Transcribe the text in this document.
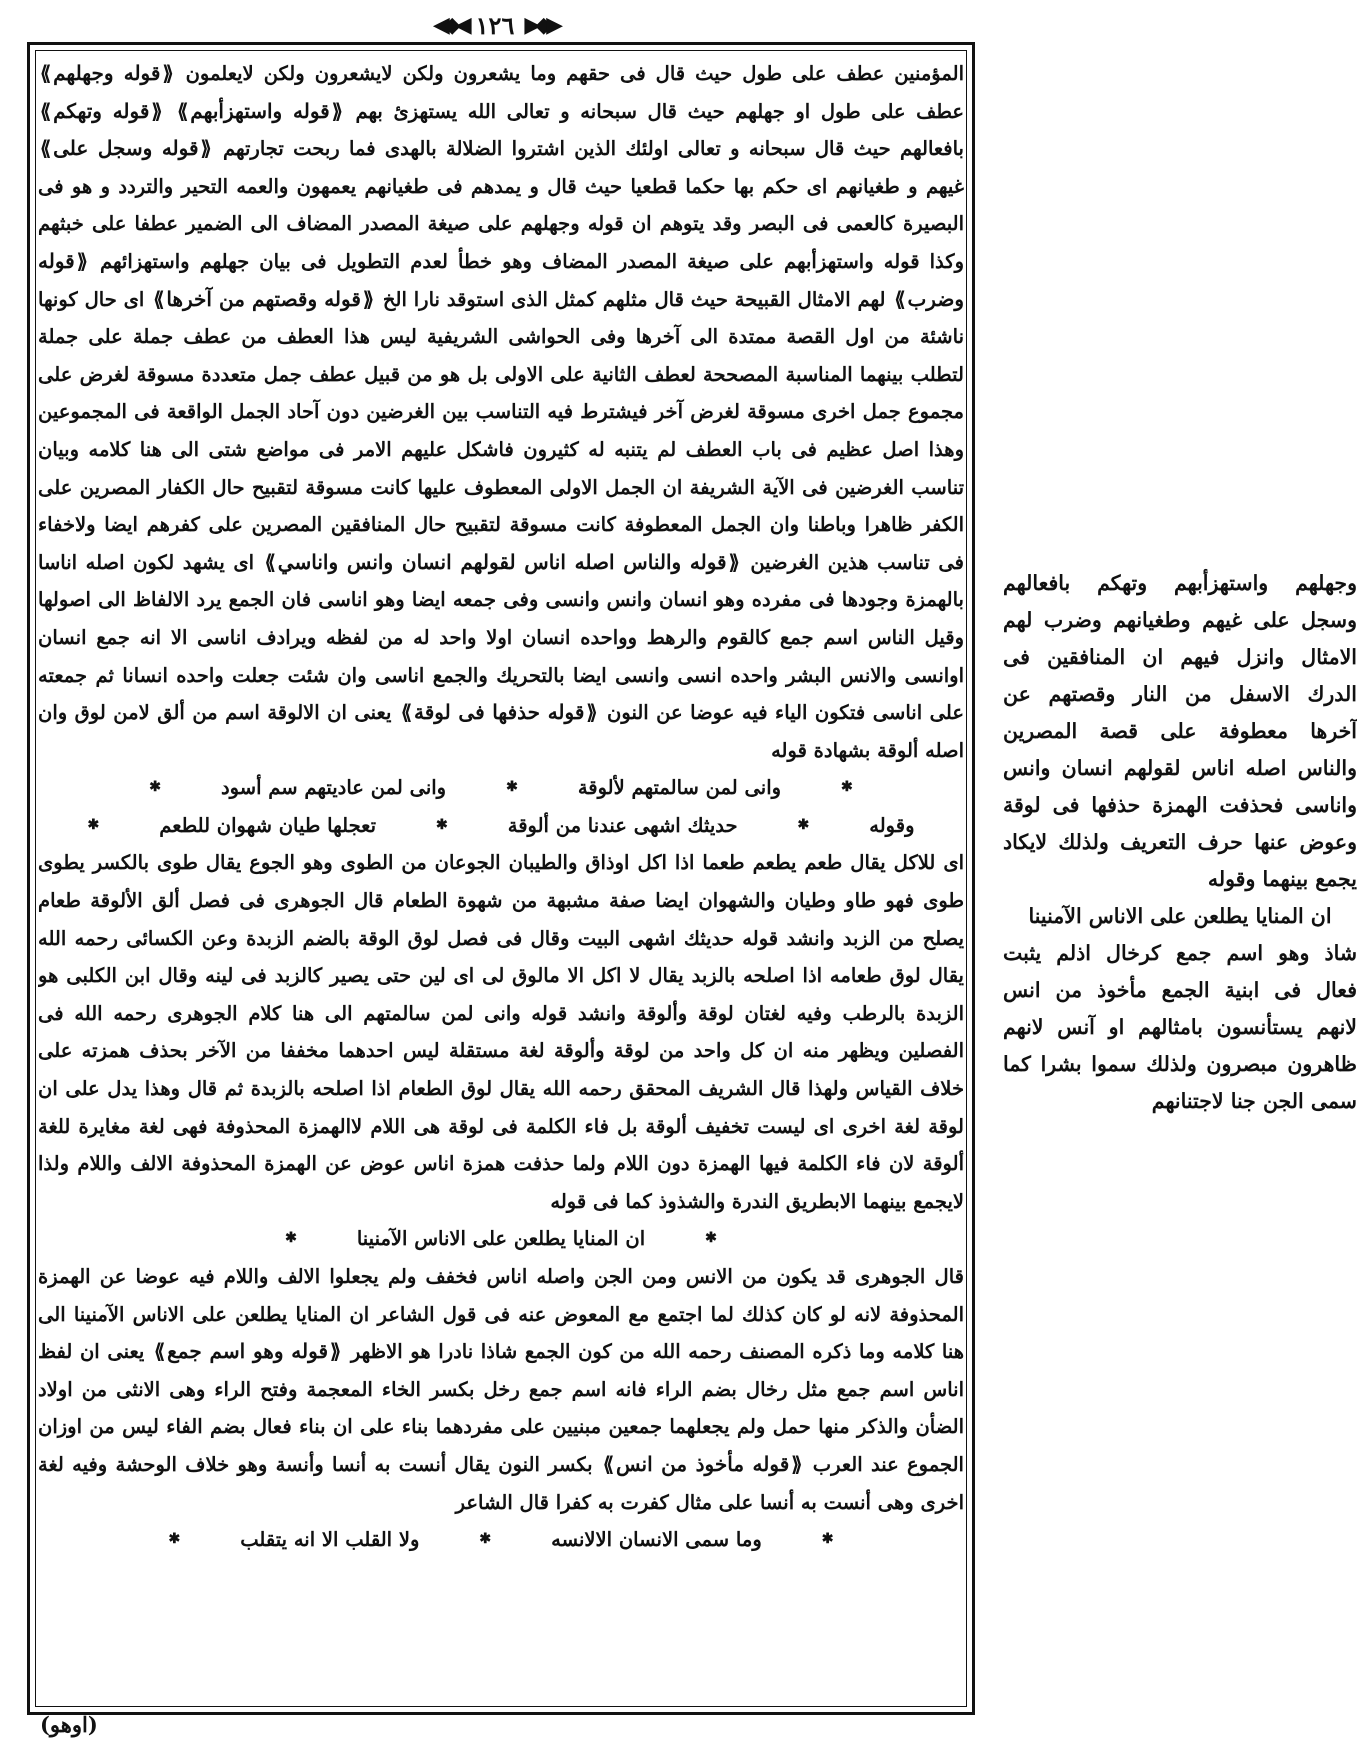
◀◆◀ ١٢٦ ▶◆▶

المؤمنين عطف على طول حيث قال فى حقهم وما يشعرون ولكن لايشعرون ولكن لايعلمون ⟪ قوله وجهلهم ⟫ عطف على طول او جهلهم حيث قال سبحانه و تعالى الله يستهزئ بهم ⟪ قوله واستهزأبهم ⟫ ⟪ قوله وتهكم ⟫ بافعالهم حيث قال سبحانه و تعالى اولئك الذين اشتروا الضلالة بالهدى فما ربحت تجارتهم ⟪ قوله وسجل على ⟫ غيهم و طغيانهم اى حكم بها حكما قطعيا حيث قال و يمدهم فى طغيانهم يعمهون والعمه التحير والتردد و هو فى البصيرة كالعمى فى البصر وقد يتوهم ان قوله وجهلهم على صيغة المصدر المضاف الى الضمير عطفا على خبثهم وكذا قوله واستهزأبهم على صيغة المصدر المضاف وهو خطأ لعدم التطويل فى بيان جهلهم واستهزائهم ⟪ قوله وضرب ⟫ لهم الامثال القبيحة حيث قال مثلهم كمثل الذى استوقد نارا الخ ⟪ قوله وقصتهم من آخرها ⟫ اى حال كونها ناشئة من اول القصة ممتدة الى آخرها وفى الحواشى الشريفية ليس هذا العطف من عطف جملة على جملة لتطلب بينهما المناسبة المصححة لعطف الثانية على الاولى بل هو من قبيل عطف جمل متعددة مسوقة لغرض على مجموع جمل اخرى مسوقة لغرض آخر فيشترط فيه التناسب بين الغرضين دون آحاد الجمل الواقعة فى المجموعين وهذا اصل عظيم فى باب العطف لم يتنبه له كثيرون فاشكل عليهم الامر فى مواضع شتى الى هنا كلامه وبيان تناسب الغرضين فى الآية الشريفة ان الجمل الاولى المعطوف عليها كانت مسوقة لتقبيح حال الكفار المصرين على الكفر ظاهرا وباطنا وان الجمل المعطوفة كانت مسوقة لتقبيح حال المنافقين المصرين على كفرهم ايضا ولاخفاء فى تناسب هذين الغرضين ⟪ قوله والناس اصله اناس لقولهم انسان وانس واناسي ⟫ اى يشهد لكون اصله اناسا بالهمزة وجودها فى مفرده وهو انسان وانس وانسى وفى جمعه ايضا وهو اناسى فان الجمع يرد الالفاظ الى اصولها وقيل الناس اسم جمع كالقوم والرهط وواحده انسان اولا واحد له من لفظه ويرادف اناسى الا انه جمع انسان اوانسى والانس البشر واحده انسى وانسى ايضا بالتحريك والجمع اناسى وان شئت جعلت واحده انسانا ثم جمعته على اناسى فتكون الياء فيه عوضا عن النون ⟪ قوله حذفها فى لوقة ⟫ يعنى ان الالوقة اسم من ألق لامن لوق وان اصله ألوقة بشهادة قوله

✱
وانى لمن سالمتهم لألوقة
✱
وانى لمن عاديتهم سم أسود
✱
وقوله
✱
حديثك اشهى عندنا من ألوقة
✱
تعجلها طيان شهوان للطعم
✱

اى للاكل يقال طعم يطعم طعما اذا اكل اوذاق والطيبان الجوعان من الطوى وهو الجوع يقال طوى بالكسر يطوى طوى فهو طاو وطيان والشهوان ايضا صفة مشبهة من شهوة الطعام قال الجوهرى فى فصل ألق الألوقة طعام يصلح من الزبد وانشد قوله حديثك اشهى البيت وقال فى فصل لوق الوقة بالضم الزبدة وعن الكسائى رحمه الله يقال لوق طعامه اذا اصلحه بالزبد يقال لا اكل الا مالوق لى اى لين حتى يصير كالزبد فى لينه وقال ابن الكلبى هو الزبدة بالرطب وفيه لغتان لوقة وألوقة وانشد قوله وانى لمن سالمتهم الى هنا كلام الجوهرى رحمه الله فى الفصلين ويظهر منه ان كل واحد من لوقة وألوقة لغة مستقلة ليس احدهما مخففا من الآخر بحذف همزته على خلاف القياس ولهذا قال الشريف المحقق رحمه الله يقال لوق الطعام اذا اصلحه بالزبدة ثم قال وهذا يدل على ان لوقة لغة اخرى اى ليست تخفيف ألوقة بل فاء الكلمة فى لوقة هى اللام لاالهمزة المحذوفة فهى لغة مغايرة للغة ألوقة لان فاء الكلمة فيها الهمزة دون اللام ولما حذفت همزة اناس عوض عن الهمزة المحذوفة الالف واللام ولذا لايجمع بينهما الابطريق الندرة والشذوذ كما فى قوله

✱
ان المنايا يطلعن على الاناس الآمنينا
✱

قال الجوهرى قد يكون من الانس ومن الجن واصله اناس فخفف ولم يجعلوا الالف واللام فيه عوضا عن الهمزة المحذوفة لانه لو كان كذلك لما اجتمع مع المعوض عنه فى قول الشاعر ان المنايا يطلعن على الاناس الآمنينا الى هنا كلامه وما ذكره المصنف رحمه الله من كون الجمع شاذا نادرا هو الاظهر ⟪ قوله وهو اسم جمع ⟫ يعنى ان لفظ اناس اسم جمع مثل رخال بضم الراء فانه اسم جمع رخل بكسر الخاء المعجمة وفتح الراء وهى الانثى من اولاد الضأن والذكر منها حمل ولم يجعلهما جمعين مبنيين على مفردهما بناء على ان بناء فعال بضم الفاء ليس من اوزان الجموع عند العرب ⟪ قوله مأخوذ من انس ⟫ بكسر النون يقال أنست به أنسا وأنسة وهو خلاف الوحشة وفيه لغة اخرى وهى أنست به أنسا على مثال كفرت به كفرا قال الشاعر

✱
وما سمى الانسان الالانسه
✱
ولا القلب الا انه يتقلب
✱

وجهلهم واستهزأبهم وتهكم بافعالهم وسجل على غيهم وطغيانهم وضرب لهم الامثال وانزل فيهم ان المنافقين فى الدرك الاسفل من النار وقصتهم عن آخرها معطوفة على قصة المصرين والناس اصله اناس لقولهم انسان وانس واناسى فحذفت الهمزة حذفها فى لوقة وعوض عنها حرف التعريف ولذلك لايكاد يجمع بينهما وقوله

ان المنايا يطلعن على الاناس الآمنينا

شاذ وهو اسم جمع كرخال اذلم يثبت فعال فى ابنية الجمع مأخوذ من انس لانهم يستأنسون بامثالهم او آنس لانهم ظاهرون مبصرون ولذلك سموا بشرا كما سمى الجن جنا لاجتنانهم

(اوهو)
